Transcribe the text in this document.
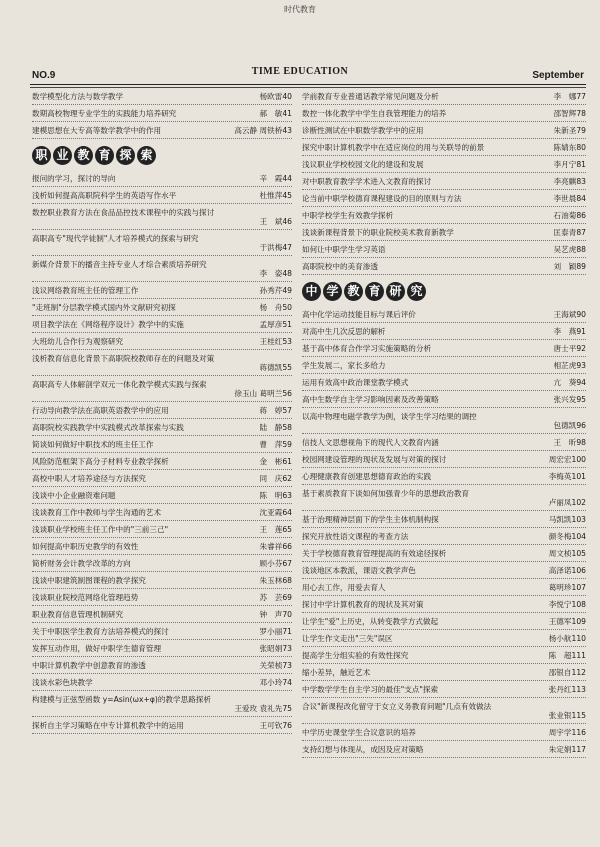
时代教育
NO.9	TIME EDUCATION	September
数学模型化方法与数学教学	杨欧雷40
数期高校物理专业学生的实践能力培养研究	郝　敏41
建模思想在大专高等数学教学中的作用	高云静 周铁桥43
职 业 教 育 探 索
报问的学习，探讨的导向	辛　霞44
浅析如何提高高职院科学生的英语写作水平	杜惟萍45
数控职业教育方法在食品品控技术课程中的实践与探讨
王　斌46
高职高专"现代学徒制"人才培养模式的探索与研究
于洪梅47
新媒介背景下的播音主持专业人才综合素质培养研究
李　姿48
浅议网络教育班主任的管理工作	孙秀芹49
"走班制"分层教学模式国内外文献研究初探	杨　舟50
项目教学法在《网络程序设计》教学中的实施	孟厚彦51
大班幼儿合作行为观察研究	王桂红53
浅析教育信息化背景下高职院校教师存在的问题及对策
蒋德凯55
高职高专人体解剖学双元一体化教学模式实践与探索
徐玉山 葛明兰56
行动导向教学法在高职英语教学中的应用	蒋　婷57
高职院校实践教学中实践模式改革探索与实践	陆　静58
简谈如何做好中职技术的班主任工作	曹　萍59
风险防范框架下高分子材料专业教学探析	金　彬61
高校中职人才培养途径与方法探究	同　庆62
浅谈中小企业融资难问题	陈　明63
浅谈教育工作中教师与学生沟通的艺术	沈亚霞64
浅谈职业学校班主任工作中的"三前三己"	王　莲65
如何提高中职历史教学的有效性	朱睿祥66
简析财务会计教学改革的方向	顾小芬67
浅谈中职建筑制图课程的教学探究	朱玉林68
浅谈职业院校范网络化管理趋势	苏　芸69
职业教育信息管理机制研究	钟　声70
关于中职医学生教育方法培养模式的探讨	罗小丽71
发挥互动作用，做好中职学生德育管理	张昭娟73
中职计算机教学中创意教育的渗透	关荣桢73
浅谈水彩色块教学	邓小玲74
构建模与正弦型函数 y=Asin(ωx+φ)的教学思路探析
王爱玫 袁礼先75
探析自主学习策略在中专计算机教学中的运用	王可钦76
学前教育专业普通话教学常见问题及分析	李　娜77
数控一体化教学中学生自我管理能力的培养	邵智辉78
诊断性测试在中职数学教学中的应用	朱新圣79
探究中职计算机教学中在适应岗位的用与关联导的前景	陈婧东80
浅议职业学校校园文化的建设和发展	李月宁81
对中职教育教学学术进入文教育的探讨	李亮麒83
论当前中职学校德育课程建设的目的原则与方法	李世晨84
中职学校学生有效教学探析	石油菊86
浅谈新课程背景下的职业院校美术教育新教学	匡泰青87
如何让中职学生学习英语	吴艺虎88
高职院校中的美育渗透	刘　颖89
中 学 教 育 研 究
高中化学运动技能目标与课后评价	王海斌90
对高中生几次反思的解析	李　燕91
基于高中体育合作学习实施策略的分析	唐士平92
学生发展二，家长多给力	相芷虎93
运用有效高中政治课堂教学模式	亢　葵94
高中生数学自主学习影响因素及改善策略	张兴发95
以高中物理电磁学教学为例，谈学生学习结果的调控
包德凯96
信技人文思想视角下的现代人文教育内涵	王　昕98
校园网建设管理的现状及发展与对策的探讨	周宏宏100
心理健康教育创建思想德育政治的实践	李梅英101
基于素质教育下谈如何加强青少年的思想政治教育
卢丽凤102
基于治理精神层面下的学生主体机制构探	马凯凯103
探究开放性语文课程的考查方法	颜冬梅104
关于学校德育教育管理提高的有效途径探析	周文桢105
浅谈地区本教派，课语文教学声色	高泽诺106
用心去工作，用爱去育人	葛明珍107
探讨中学计算机教育的现状及其对策	李悦宁108
让学生"爱"上历史，从转变教学方式做起	王德军109
让学生作文走出"三失"误区	杨小航110
提高学生分组实验的有效性探究	陈　超111
缩小差异，触近艺术	邵银自112
中学数学学生自主学习的最佳"支点"探索	张丹红113
合议"新课程改化留守于女立义务教育问题"几点有效做法
张业银115
中学历史课堂学生合议意识的培养	周宇学116
支持幻想与体现从，成因及应对策略	朱定娟117
